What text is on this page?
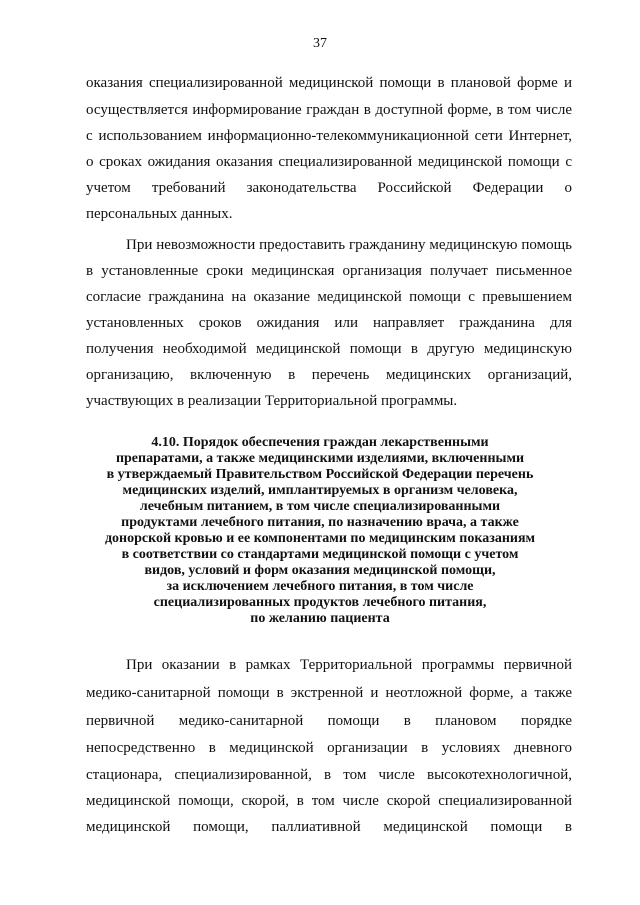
37
оказания специализированной медицинской помощи в плановой форме и
осуществляется информирование граждан в доступной форме, в том числе
с использованием информационно-телекоммуникационной сети Интернет,
о сроках ожидания оказания специализированной медицинской помощи с
учетом требований законодательства Российской Федерации о
персональных данных.
При невозможности предоставить гражданину медицинскую помощь
в установленные сроки медицинская организация получает письменное
согласие гражданина на оказание медицинской помощи с превышением
установленных сроков ожидания или направляет гражданина для
получения необходимой медицинской помощи в другую медицинскую
организацию, включенную в перечень медицинских организаций,
участвующих в реализации Территориальной программы.
4.10. Порядок обеспечения граждан лекарственными
препаратами, а также медицинскими изделиями, включенными
в утверждаемый Правительством Российской Федерации перечень
медицинских изделий, имплантируемых в организм человека,
лечебным питанием, в том числе специализированными
продуктами лечебного питания, по назначению врача, а также
донорской кровью и ее компонентами по медицинским показаниям
в соответствии со стандартами медицинской помощи с учетом
видов, условий и форм оказания медицинской помощи,
за исключением лечебного питания, в том числе
специализированных продуктов лечебного питания,
по желанию пациента
При оказании в рамках Территориальной программы первичной
медико-санитарной помощи в экстренной и неотложной форме, а также
первичной медико-санитарной помощи в плановом порядке
непосредственно в медицинской организации в условиях дневного
стационара, специализированной, в том числе высокотехнологичной,
медицинской помощи, скорой, в том числе скорой специализированной
медицинской помощи, паллиативной медицинской помощи в
